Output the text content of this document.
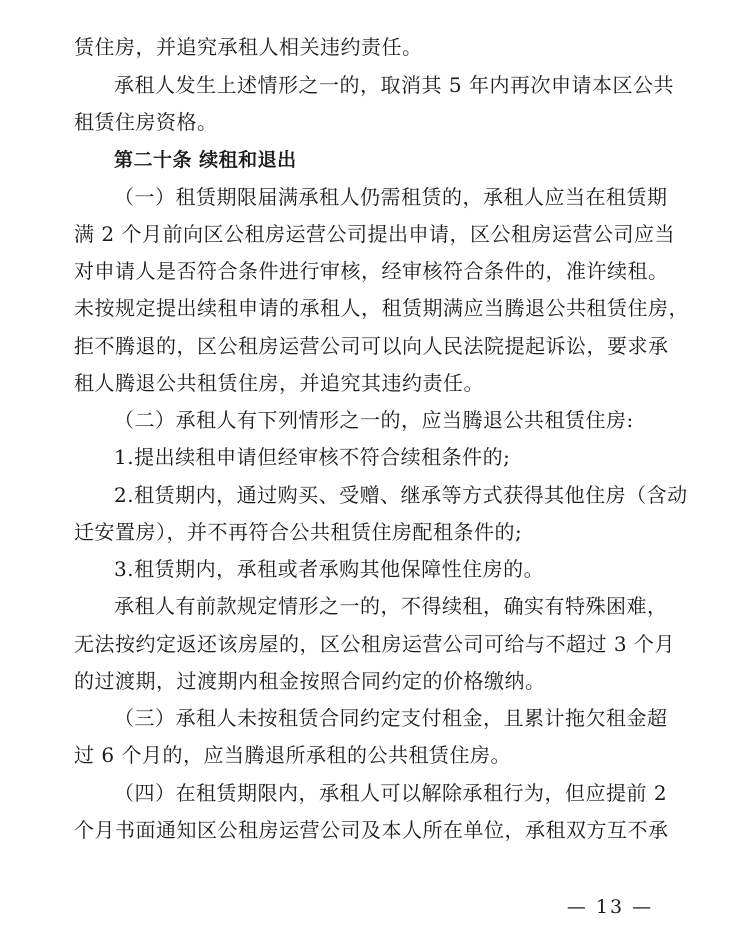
赁住房，并追究承租人相关违约责任。
承租人发生上述情形之一的，取消其 5 年内再次申请本区公共
租赁住房资格。
第二十条 续租和退出
（一）租赁期限届满承租人仍需租赁的，承租人应当在租赁期
满 2 个月前向区公租房运营公司提出申请，区公租房运营公司应当
对申请人是否符合条件进行审核，经审核符合条件的，准许续租。
未按规定提出续租申请的承租人，租赁期满应当腾退公共租赁住房，
拒不腾退的，区公租房运营公司可以向人民法院提起诉讼，要求承
租人腾退公共租赁住房，并追究其违约责任。
（二）承租人有下列情形之一的，应当腾退公共租赁住房:
1.提出续租申请但经审核不符合续租条件的;
2.租赁期内，通过购买、受赠、继承等方式获得其他住房（含动
迁安置房），并不再符合公共租赁住房配租条件的;
3.租赁期内，承租或者承购其他保障性住房的。
承租人有前款规定情形之一的，不得续租，确实有特殊困难，
无法按约定返还该房屋的，区公租房运营公司可给与不超过 3 个月
的过渡期，过渡期内租金按照合同约定的价格缴纳。
（三）承租人未按租赁合同约定支付租金，且累计拖欠租金超
过 6 个月的，应当腾退所承租的公共租赁住房。
（四）在租赁期限内，承租人可以解除承租行为，但应提前 2
个月书面通知区公租房运营公司及本人所在单位，承租双方互不承
— 13 —
